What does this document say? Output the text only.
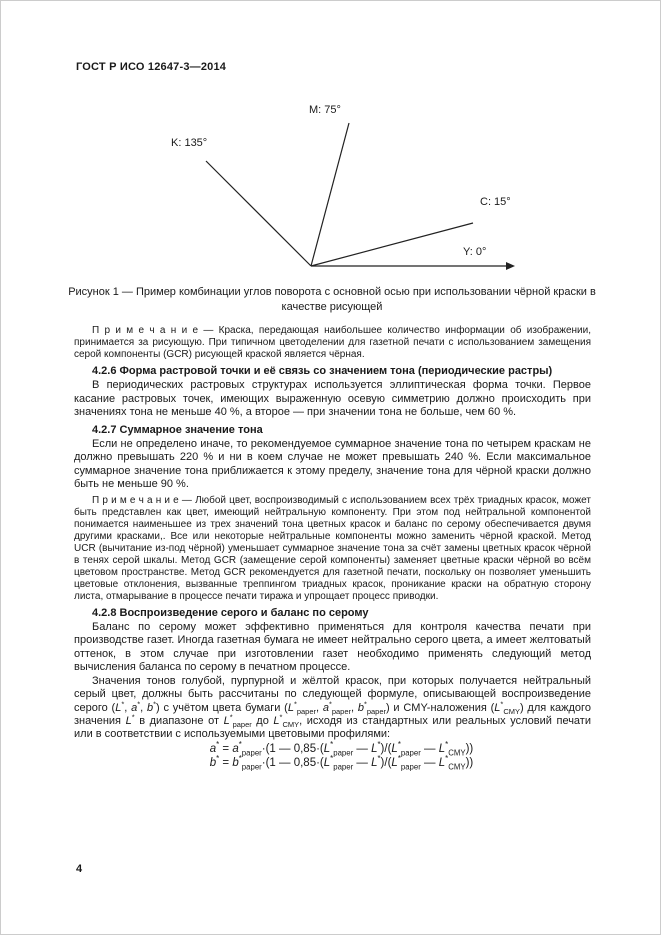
ГОСТ Р ИСО 12647-3—2014
M: 75°
K: 135°
C: 15°
Y: 0°
Рисунок 1 — Пример комбинации углов поворота с основной осью при использовании чёрной краски в качестве рисующей

П р и м е ч а н и е — Краска, передающая наибольшее количество информации об изображении, принимается за рисующую. При типичном цветоделении для газетной печати с использованием замещения серой компоненты (GCR) рисующей краской является чёрная.

4.2.6 Форма растровой точки и её связь со значением тона (периодические растры)

В периодических растровых структурах используется эллиптическая форма точки. Первое касание растровых точек, имеющих выраженную осевую симметрию должно происходить при значениях тона не меньше 40 %, а второе — при значении тона не больше, чем 60 %.

4.2.7 Суммарное значение тона

Если не определено иначе, то рекомендуемое суммарное значение тона по четырем краскам не должно превышать 220 % и ни в коем случае не может превышать 240 %. Если максимальное суммарное значение тона приближается к этому пределу, значение тона для чёрной краски должно быть не меньше 90 %.

П р и м е ч а н и е — Любой цвет, воспроизводимый с использованием всех трёх триадных красок, может быть представлен как цвет, имеющий нейтральную компоненту. При этом под нейтральной компонентой понимается наименьшее из трех значений тона цветных красок и баланс по серому обеспечивается двумя другими красками,. Все или некоторые нейтральные компоненты можно заменить чёрной краской. Метод UCR (вычитание из-под чёрной) уменьшает суммарное значение тона за счёт замены цветных красок чёрной в тенях серой шкалы. Метод GCR (замещение серой компоненты) заменяет цветные краски чёрной во всём цветовом пространстве. Метод GCR рекомендуется для газетной печати, поскольку он позволяет уменьшить цветовые отклонения, вызванные треппингом триадных красок, проникание краски на обратную сторону листа, отмарывание в процессе печати тиража и упрощает процесс приводки.

4.2.8 Воспроизведение серого и баланс по серому

Баланс по серому может эффективно применяться для контроля качества печати при производстве газет. Иногда газетная бумага не имеет нейтрально серого цвета, а имеет желтоватый оттенок, в этом случае при изготовлении газет необходимо применять следующий метод вычисления баланса по серому в печатном процессе.

Значения тонов голубой, пурпурной и жёлтой красок, при которых получается нейтральный серый цвет, должны быть рассчитаны по следующей формуле, описывающей воспроизведение серого (L*, a*, b*) с учётом цвета бумаги ($L^*_{paper}$, $a^*_{paper}$, $b^*_{paper}$) и CMY-наложения $(L^*_{CMY})$ для каждого значения L* в диапазоне от $L^*_{paper}$ до $L^*_{CMY}$, исходя из стандартных или реальных условий печати или в соответствии с используемыми цветовыми профилями:

$a^* = a^*_{paper}\cdot(1$ — $0,85\cdot(L^*_{paper}$ — $L^*)/(L^*_{paper}$ — $L^*_{CMY}$))

$b^* = b^*_{paper}\cdot(1$ — $0,85\cdot(L^*_{paper}$ — $L^*)/(L^*_{paper}$ — $L^*_{CMY}$))

4
